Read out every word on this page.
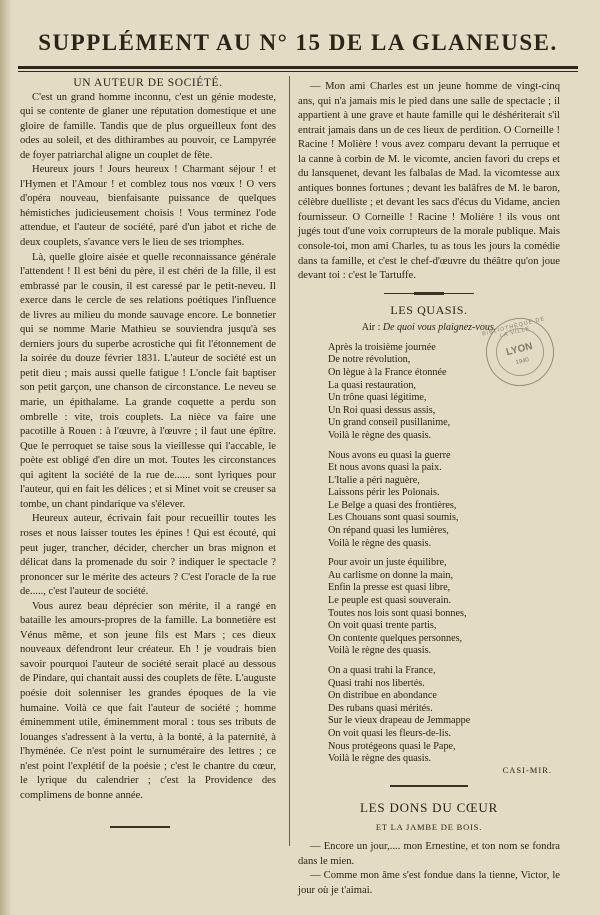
SUPPLÉMENT AU N° 15 DE LA GLANEUSE.

UN AUTEUR DE SOCIÉTÉ.

C'est un grand homme inconnu, c'est un génie modeste, qui se contente de glaner une réputation domestique et une gloire de famille. Tandis que de plus orgueilleux font des odes au soleil, et des dithirambes au pouvoir, ce Lampyrée de foyer patriarchal aligne un couplet de fête.

Heureux jours ! Jours heureux ! Charmant séjour ! et l'Hymen et l'Amour ! et comblez tous nos vœux ! O vers d'opéra nouveau, bienfaisante puissance de quelques hémistiches judicieusement choisis ! Vous terminez l'ode attendue, et l'auteur de société, paré d'un jabot et riche de deux couplets, s'avance vers le lieu de ses triomphes.

Là, quelle gloire aisée et quelle reconnaissance générale l'attendent ! Il est béni du père, il est chéri de la fille, il est embrassé par le cousin, il est caressé par le petit-neveu. Il exerce dans le cercle de ses relations poétiques l'influence de livres au milieu du monde sauvage encore. Le bonnetier qui se nomme Marie Mathieu se souviendra jusqu'à ses derniers jours du superbe acrostiche qui fit l'étonnement de la soirée du douze février 1831. L'auteur de société est un petit dieu ; mais aussi quelle fatigue ! L'oncle fait baptiser son petit garçon, une chanson de circonstance. Le neveu se marie, un épithalame. La grande coquette a perdu son ombrelle : vite, trois couplets. La nièce va faire une pacotille à Rouen : à l'œuvre, à l'œuvre ; il faut une épître. Que le perroquet se taise sous la vieillesse qui l'accable, le poète est obligé d'en dire un mot. Toutes les circonstances qui agitent la société de la rue de...... sont lyriques pour l'auteur, qui en fait les délices ; et si Minet voit se creuser sa tombe, un chant pindarique va s'élever.

Heureux auteur, écrivain fait pour recueillir toutes les roses et nous laisser toutes les épines ! Qui est écouté, qui peut juger, trancher, décider, chercher un bras mignon et délicat dans la promenade du soir ? indiquer le spectacle ? prononcer sur le mérite des acteurs ? C'est l'oracle de la rue de....., c'est l'auteur de société.

Vous aurez beau déprécier son mérite, il a rangé en bataille les amours-propres de la famille. La bonnetière est Vénus même, et son jeune fils est Mars ; ces dieux nouveaux défendront leur créateur. Eh ! je voudrais bien savoir pourquoi l'auteur de société serait placé au dessous de Pindare, qui chantait aussi des couplets de fête. L'auguste poésie doit solenniser les grandes époques de la vie humaine. Voilà ce que fait l'auteur de société ; homme éminemment utile, éminemment moral : tous ses tributs de louanges s'adressent à la vertu, à la bonté, à la paternité, à l'hyménée. Ce n'est point le surnuméraire des lettres ; ce n'est point l'explétif de la poésie ; c'est le chantre du cœur, le lyrique du calendrier ; c'est la Providence des complimens de bonne année.

— Mon ami Charles est un jeune homme de vingt-cinq ans, qui n'a jamais mis le pied dans une salle de spectacle ; il appartient à une grave et haute famille qui le déshériterait s'il entrait jamais dans un de ces lieux de perdition. O Corneille ! Racine ! Molière ! vous avez comparu devant la perruque et la canne à corbin de M. le vicomte, ancien favori du creps et du lansquenet, devant les falbalas de Mad. la vicomtesse aux antiques bonnes fortunes ; devant les balâfres de M. le baron, célèbre duelliste ; et devant les sacs d'écus du Vidame, ancien fournisseur. O Corneille ! Racine ! Molière ! ils vous ont jugés tout d'une voix corrupteurs de la morale publique. Mais console-toi, mon ami Charles, tu as tous les jours la comédie dans ta famille, et c'est le chef-d'œuvre du théâtre qu'on joue devant toi : c'est le Tartuffe.

LES QUASIS.
Air : De quoi vous plaignez-vous.
Après la troisième journée
De notre révolution,
On lègue à la France étonnée
La quasi restauration,
Un trône quasi légitime,
Un Roi quasi dessus assis,
Un grand conseil pusillanime,
Voilà le règne des quasis.
Nous avons eu quasi la guerre
Et nous avons quasi la paix.
L'Italie a péri naguère,
Laissons périr les Polonais.
Le Belge a quasi des frontières,
Les Chouans sont quasi soumis,
On répand quasi les lumières,
Voilà le règne des quasis.
Pour avoir un juste équilibre,
Au carlisme on donne la main,
Enfin la presse est quasi libre,
Le peuple est quasi souverain.
Toutes nos lois sont quasi bonnes,
On voit quasi trente partis,
On contente quelques personnes,
Voilà le règne des quasis.
On a quasi trahi la France,
Quasi trahi nos libertés.
On distribue en abondance
Des rubans quasi mérités.
Sur le vieux drapeau de Jemmappe
On voit quasi les fleurs-de-lis.
Nous protégeons quasi le Pape,
Voilà le règne des quasis.
CASI-MIR.
LES DONS DU CŒUR
ET LA JAMBE DE BOIS.

— Encore un jour,.... mon Ernestine, et ton nom se fondra dans le mien.

— Comme mon âme s'est fondue dans la tienne, Victor, le jour où je t'aimai.

BIBLIOTHÈQUE DE LA VILLE
LYON
1940
